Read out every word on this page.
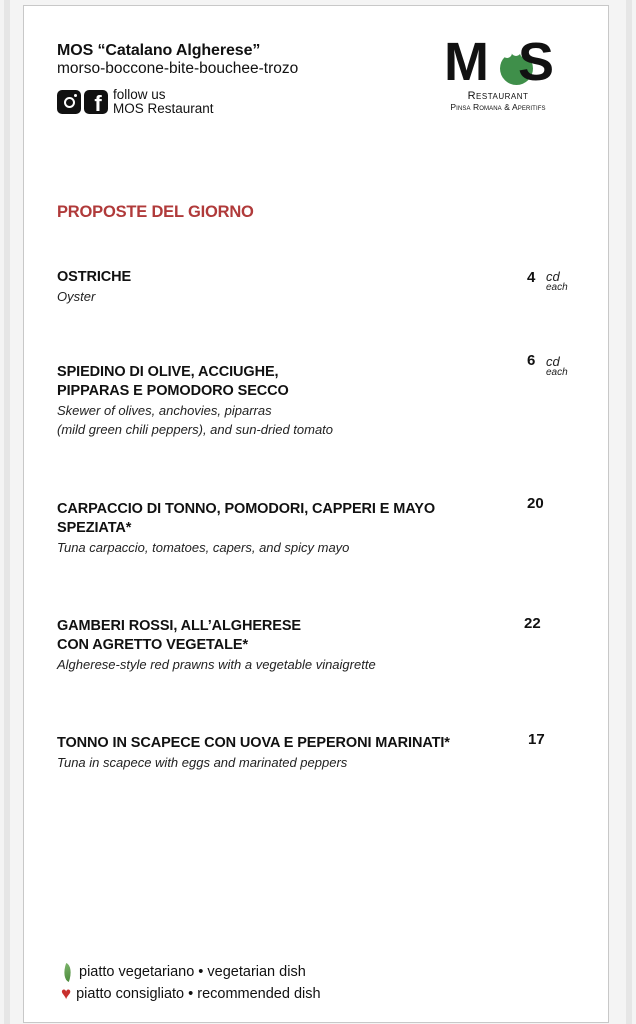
MOS “Catalano Algherese”
morso-boccone-bite-bouchee-trozo
f follow us
MOS Restaurant
M S
Restaurant
Pinsa Romana & Aperitifs
PROPOSTE DEL GIORNO
OSTRICHE
Oyster
4 cd
each
SPIEDINO DI OLIVE, ACCIUGHE,
PIPPARAS E POMODORO SECCO
Skewer of olives, anchovies, piparras
(mild green chili peppers), and sun-dried tomato
6 cd
each
CARPACCIO DI TONNO, POMODORI, CAPPERI E MAYO
SPEZIATA*
Tuna carpaccio, tomatoes, capers, and spicy mayo
20
GAMBERI ROSSI, ALL’ALGHERESE
CON AGRETTO VEGETALE*
Algherese-style red prawns with a vegetable vinaigrette
22
TONNO IN SCAPECE CON UOVA E PEPERONI MARINATI*
Tuna in scapece with eggs and marinated peppers
17
piatto vegetariano • vegetarian dish
♥ piatto consigliato • recommended dish
